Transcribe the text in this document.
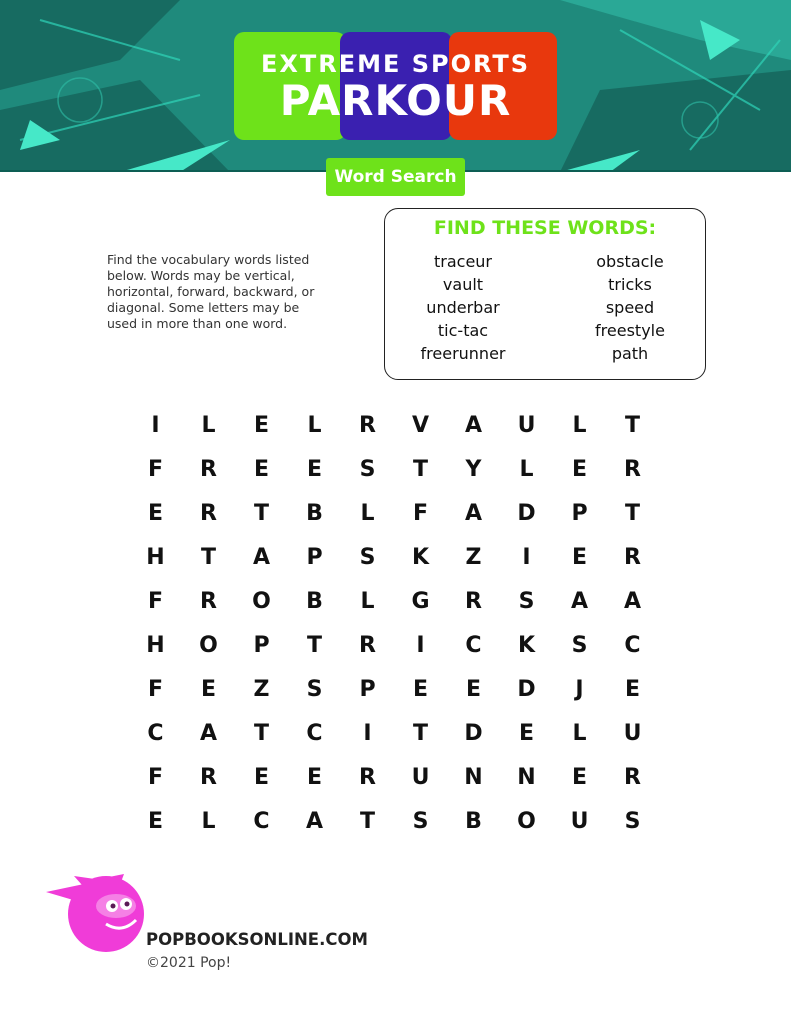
EXTREME SPORTS
PARKOUR
Word Search
Find the vocabulary words listed below. Words may be vertical, horizontal, forward, backward, or diagonal. Some letters may be used in more than one word.
FIND THESE WORDS:
traceur
vault
underbar
tic-tac
freerunner
obstacle
tricks
speed
freestyle
path
I	L	E	L	R	V	A	U	L	T
F	R	E	E	S	T	Y	L	E	R
E	R	T	B	L	F	A	D	P	T
H	T	A	P	S	K	Z	I	E	R
F	R	O	B	L	G	R	S	A	A
H	O	P	T	R	I	C	K	S	C
F	E	Z	S	P	E	E	D	J	E
C	A	T	C	I	T	D	E	L	U
F	R	E	E	R	U	N	N	E	R
E	L	C	A	T	S	B	O	U	S
POPBOOKSONLINE.COM
©2021 Pop!
